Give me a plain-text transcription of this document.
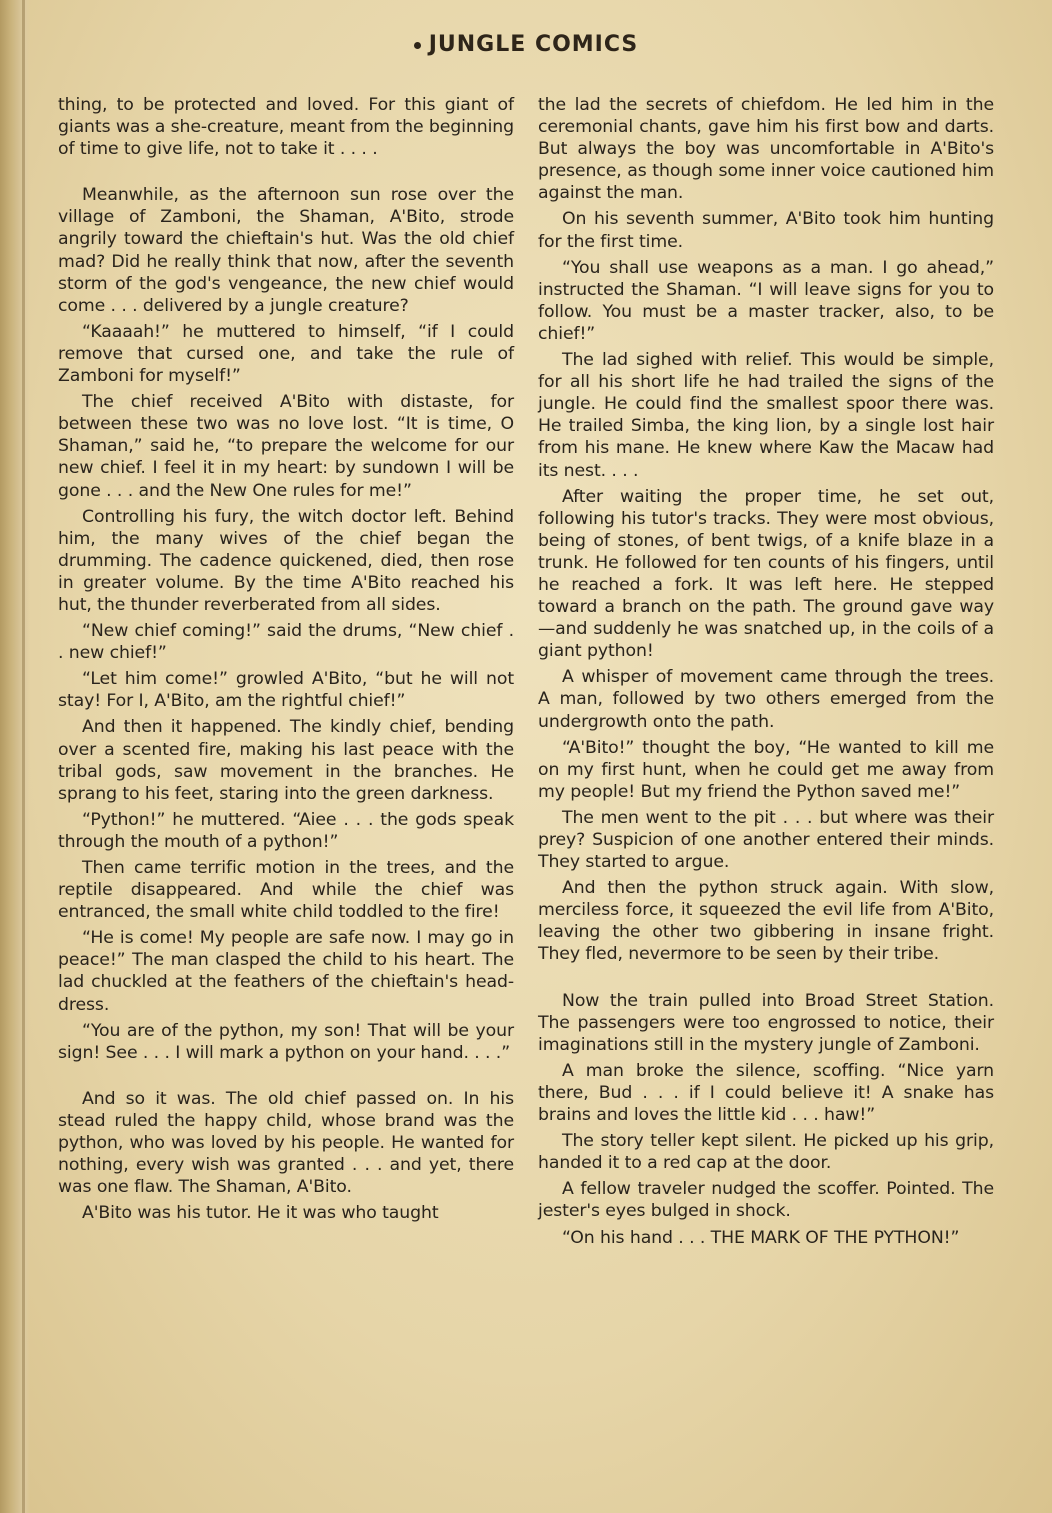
JUNGLE COMICS

thing, to be protected and loved. For this giant of giants was a she-creature, meant from the beginning of time to give life, not to take it . . . .

Meanwhile, as the afternoon sun rose over the village of Zamboni, the Shaman, A'Bito, strode angrily toward the chieftain's hut. Was the old chief mad? Did he really think that now, after the seventh storm of the god's vengeance, the new chief would come . . . delivered by a jungle creature?

“Kaaaah!” he muttered to himself, “if I could remove that cursed one, and take the rule of Zamboni for myself!”

The chief received A'Bito with distaste, for between these two was no love lost. “It is time, O Shaman,” said he, “to prepare the welcome for our new chief. I feel it in my heart: by sundown I will be gone . . . and the New One rules for me!”

Controlling his fury, the witch doctor left. Behind him, the many wives of the chief began the drumming. The cadence quickened, died, then rose in greater volume. By the time A'Bito reached his hut, the thunder reverberated from all sides.

“New chief coming!” said the drums, “New chief . . new chief!”

“Let him come!” growled A'Bito, “but he will not stay! For I, A'Bito, am the rightful chief!”

And then it happened. The kindly chief, bending over a scented fire, making his last peace with the tribal gods, saw movement in the branches. He sprang to his feet, staring into the green darkness.

“Python!” he muttered. “Aiee . . . the gods speak through the mouth of a python!”

Then came terrific motion in the trees, and the reptile disappeared. And while the chief was entranced, the small white child toddled to the fire!

“He is come! My people are safe now. I may go in peace!” The man clasped the child to his heart. The lad chuckled at the feathers of the chieftain's head-dress.

“You are of the python, my son! That will be your sign! See . . . I will mark a python on your hand. . . .”

And so it was. The old chief passed on. In his stead ruled the happy child, whose brand was the python, who was loved by his people. He wanted for nothing, every wish was granted . . . and yet, there was one flaw. The Shaman, A'Bito.

A'Bito was his tutor. He it was who taught

the lad the secrets of chiefdom. He led him in the ceremonial chants, gave him his first bow and darts. But always the boy was uncomfortable in A'Bito's presence, as though some inner voice cautioned him against the man.

On his seventh summer, A'Bito took him hunting for the first time.

“You shall use weapons as a man. I go ahead,” instructed the Shaman. “I will leave signs for you to follow. You must be a master tracker, also, to be chief!”

The lad sighed with relief. This would be simple, for all his short life he had trailed the signs of the jungle. He could find the smallest spoor there was. He trailed Simba, the king lion, by a single lost hair from his mane. He knew where Kaw the Macaw had its nest. . . .

After waiting the proper time, he set out, following his tutor's tracks. They were most obvious, being of stones, of bent twigs, of a knife blaze in a trunk. He followed for ten counts of his fingers, until he reached a fork. It was left here. He stepped toward a branch on the path. The ground gave way—and suddenly he was snatched up, in the coils of a giant python!

A whisper of movement came through the trees. A man, followed by two others emerged from the undergrowth onto the path.

“A'Bito!” thought the boy, “He wanted to kill me on my first hunt, when he could get me away from my people! But my friend the Python saved me!”

The men went to the pit . . . but where was their prey? Suspicion of one another entered their minds. They started to argue.

And then the python struck again. With slow, merciless force, it squeezed the evil life from A'Bito, leaving the other two gibbering in insane fright. They fled, nevermore to be seen by their tribe.

Now the train pulled into Broad Street Station. The passengers were too engrossed to notice, their imaginations still in the mystery jungle of Zamboni.

A man broke the silence, scoffing. “Nice yarn there, Bud . . . if I could believe it! A snake has brains and loves the little kid . . . haw!”

The story teller kept silent. He picked up his grip, handed it to a red cap at the door.

A fellow traveler nudged the scoffer. Pointed. The jester's eyes bulged in shock.

“On his hand . . . THE MARK OF THE PYTHON!”
